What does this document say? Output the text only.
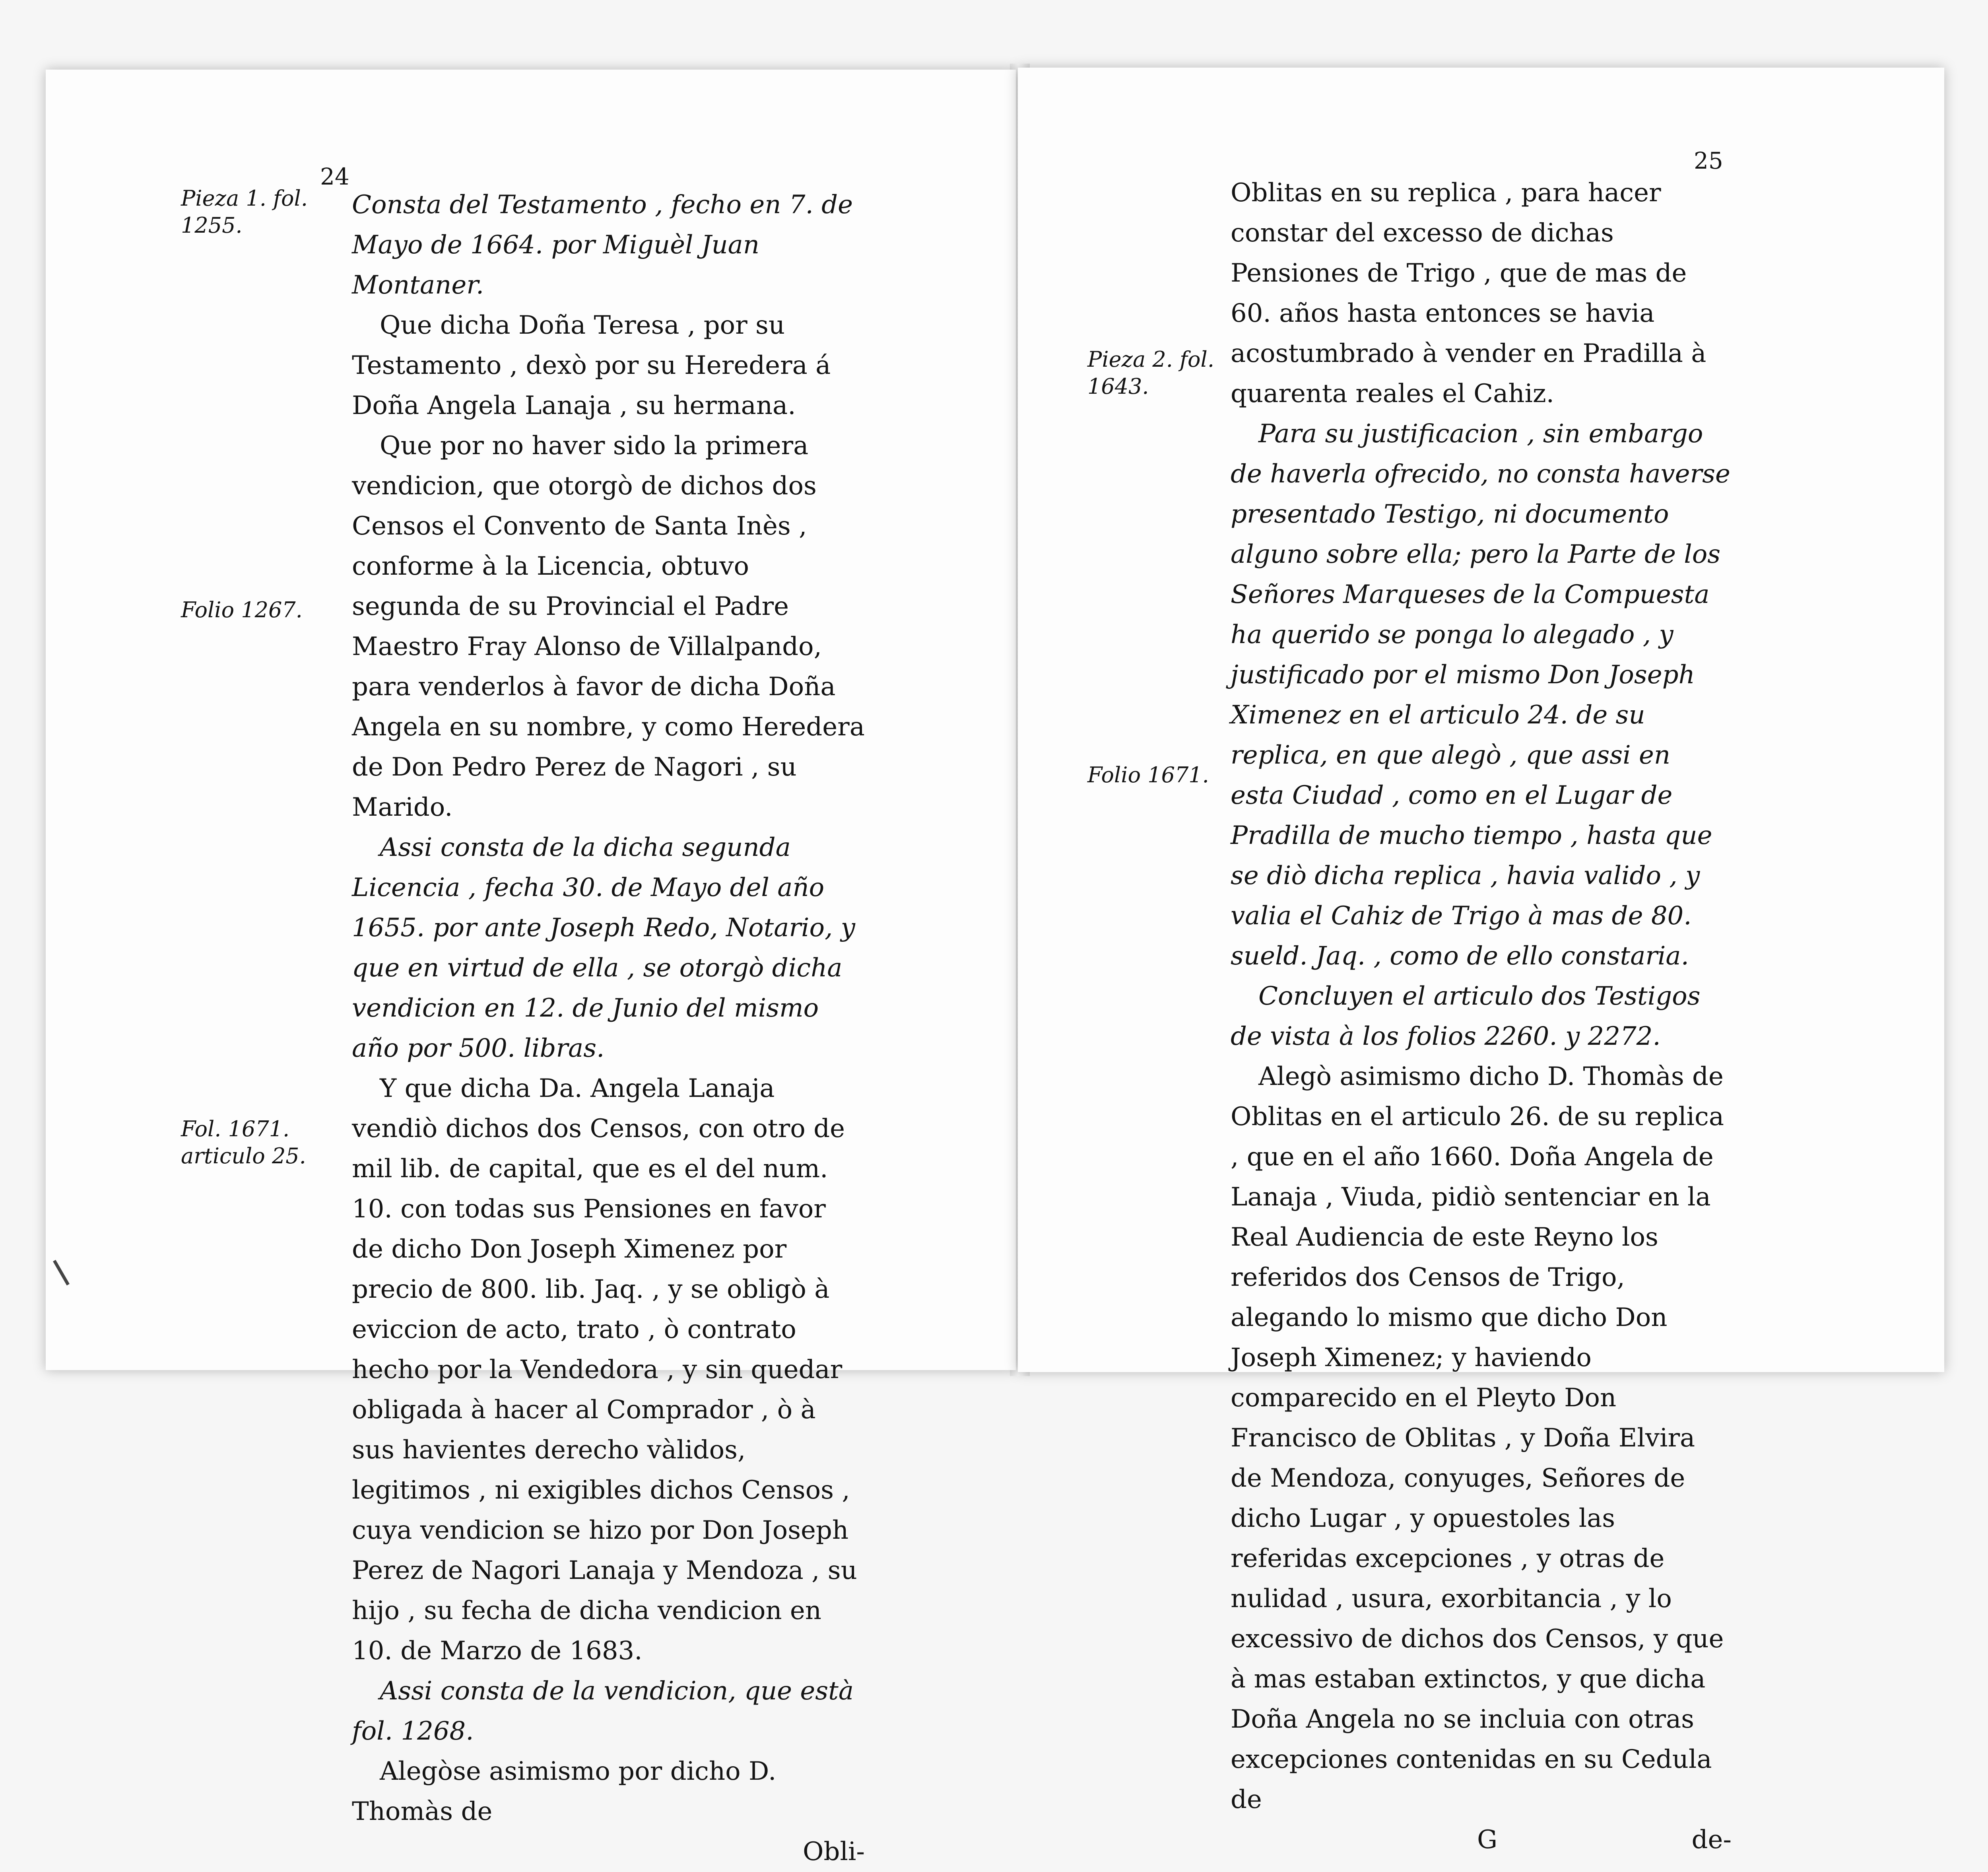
24
Pieza 1. fol.
1255.
Folio 1267.
Fol. 1671.
articulo 25.

Consta del Testamento , fecho en 7. de Mayo de 1664. por Miguèl Juan Montaner.

Que dicha Doña Teresa , por su Testamento , dexò por su Heredera á Doña Angela Lanaja , su hermana.

Que por no haver sido la primera vendicion, que otorgò de dichos dos Censos el Convento de Santa Inès , conforme à la Licencia, obtuvo segunda de su Provincial el Padre Maestro Fray Alonso de Villalpando, para venderlos à favor de dicha Doña Angela en su nombre, y como Heredera de Don Pedro Perez de Nagori , su Marido.

Assi consta de la dicha segunda Licencia , fecha 30. de Mayo del año 1655. por ante Joseph Redo, Notario, y que en virtud de ella , se otorgò dicha vendicion en 12. de Junio del mismo año por 500. libras.

Y que dicha Da. Angela Lanaja vendiò dichos dos Censos, con otro de mil lib. de capital, que es el del num. 10. con todas sus Pensiones en favor de dicho Don Joseph Ximenez por precio de 800. lib. Jaq. , y se obligò à eviccion de acto, trato , ò contrato hecho por la Vendedora , y sin quedar obligada à hacer al Comprador , ò à sus havientes derecho vàlidos, legitimos , ni exigibles dichos Censos , cuya vendicion se hizo por Don Joseph Perez de Nagori Lanaja y Mendoza , su hijo , su fecha de dicha vendicion en 10. de Marzo de 1683.

Assi consta de la vendicion, que està fol. 1268.

Alegòse asimismo por dicho D. Thomàs de

Obli-

25
Pieza 2. fol.
1643.
Folio 1671.

Oblitas en su replica , para hacer constar del excesso de dichas Pensiones de Trigo , que de mas de 60. años hasta entonces se havia acostumbrado à vender en Pradilla à quarenta reales el Cahiz.

Para su justificacion , sin embargo de haverla ofrecido, no consta haverse presentado Testigo, ni documento alguno sobre ella; pero la Parte de los Señores Marqueses de la Compuesta ha querido se ponga lo alegado , y justificado por el mismo Don Joseph Ximenez en el articulo 24. de su replica, en que alegò , que assi en esta Ciudad , como en el Lugar de Pradilla de mucho tiempo , hasta que se diò dicha replica , havia valido , y valia el Cahiz de Trigo à mas de 80. sueld. Jaq. , como de ello constaria.

Concluyen el articulo dos Testigos de vista à los folios 2260. y 2272.

Alegò asimismo dicho D. Thomàs de Oblitas en el articulo 26. de su replica , que en el año 1660. Doña Angela de Lanaja , Viuda, pidiò sentenciar en la Real Audiencia de este Reyno los referidos dos Censos de Trigo, alegando lo mismo que dicho Don Joseph Ximenez; y haviendo comparecido en el Pleyto Don Francisco de Oblitas , y Doña Elvira de Mendoza, conyuges, Señores de dicho Lugar , y opuestoles las referidas excepciones , y otras de nulidad , usura, exorbitancia , y lo excessivo de dichos dos Censos, y que à mas estaban extinctos, y que dicha Doña Angela no se incluia con otras excepciones contenidas en su Cedula de

G	de-
